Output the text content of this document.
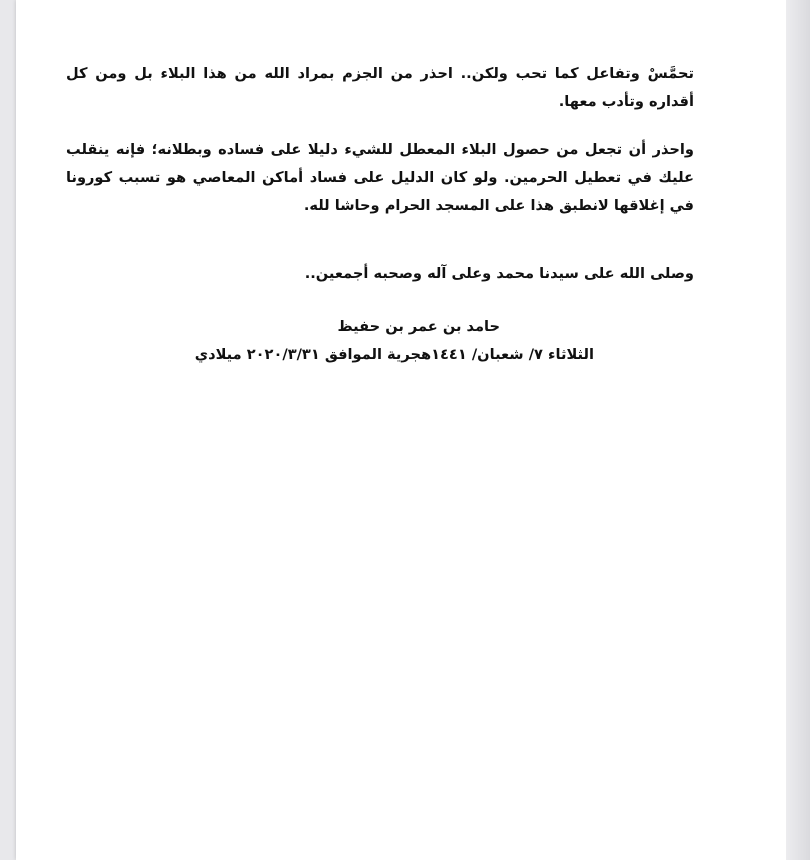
تحمَّسْ وتفاعل كما تحب ولكن.. احذر من الجزم بمراد الله من هذا البلاء بل ومن كل أقداره وتأدب معها.

واحذر أن تجعل من حصول البلاء المعطل للشيء دليلا على فساده وبطلانه؛ فإنه ينقلب عليك في تعطيل الحرمين. ولو كان الدليل على فساد أماكن المعاصي هو تسبب كورونا في إغلاقها لانطبق هذا على المسجد الحرام وحاشا لله.

وصلى الله على سيدنا محمد وعلى آله وصحبه أجمعين..

حامد بن عمر بن حفيظ

الثلاثاء ٧/ شعبان/ ١٤٤١هجرية الموافق ٢٠٢٠/٣/٣١ ميلادي
